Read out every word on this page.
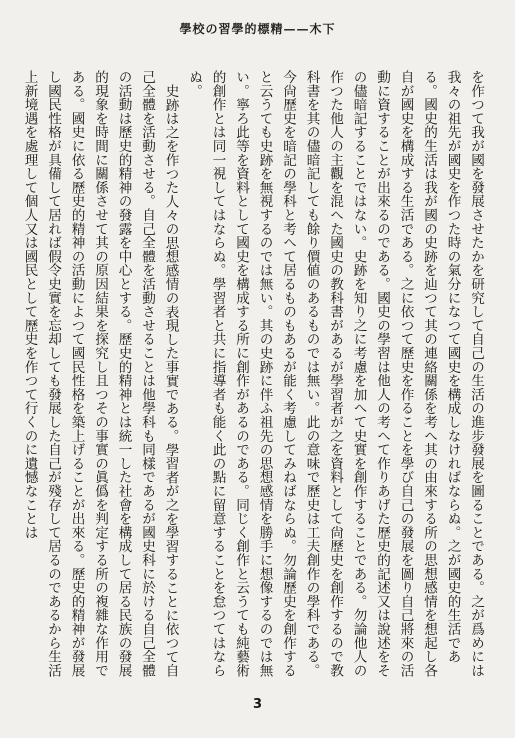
學校の習學的標精——木下

を作つて我が國を發展させたかを研究して自己の生活の進步發展を圖ることである。之が爲めには我々の祖先が國史を作つた時の氣分になつて國史を構成しなければならぬ。之が國史的生活である。國史的生活は我が國の史跡を辿つて其の連絡關係を考へ其の由來する所の思想感情を想起し各自が國史を構成する生活である。之に依つて歷史を作ることを學び自己の發展を圖り自己將來の活動に資することが出來るのである。國史の學習は他人の考へて作りあげた歷史的記述又は說述をその儘暗記することではない。史跡を知り之に考慮を加へて史實を創作することである。勿論他人の作つた他人の主觀を混へた國史の教科書があるが學習者が之を資料として尙歷史を創作するので教科書を其の儘暗記しても餘り價値のあるものでは無い。此の意味で歷史は工夫創作の學科である。今尙歷史を暗記の學科と考へて居るものもあるが能く考慮してみねばならぬ。勿論歷史を創作すると云うても史跡を無視するのでは無い。其の史跡に伴ふ祖先の思想感情を勝手に想像するのでは無い。寧ろ此等を資料として國史を構成する所に創作があるのである。同じく創作と云うても純藝術的創作とは同一視してはならぬ。學習者と共に指導者も能く此の點に留意することを怠つてはならぬ。

史跡は之を作つた人々の思想感情の表現した事實である。學習者が之を學習することに依つて自己全體を活動させる。自己全體を活動させることは他學科も同樣であるが國史科に於ける自己全體の活動は歷史的精神の發露を中心とする。歷史的精神とは統一した社會を構成して居る民族の發展的現象を時間に關係させて其の原因結果を探究し且つその事實の眞僞を判定する所の複雜な作用である。國史に依る歷史的精神の活動によつて國民性格を築上げることが出來る。歷史的精神が發展し國民性格が具備して居れば假令史實を忘却しても發展した自己が殘存して居るのであるから生活上新境遇を處理して個人又は國民として歷史を作つて行くのに遺憾なことは

3
